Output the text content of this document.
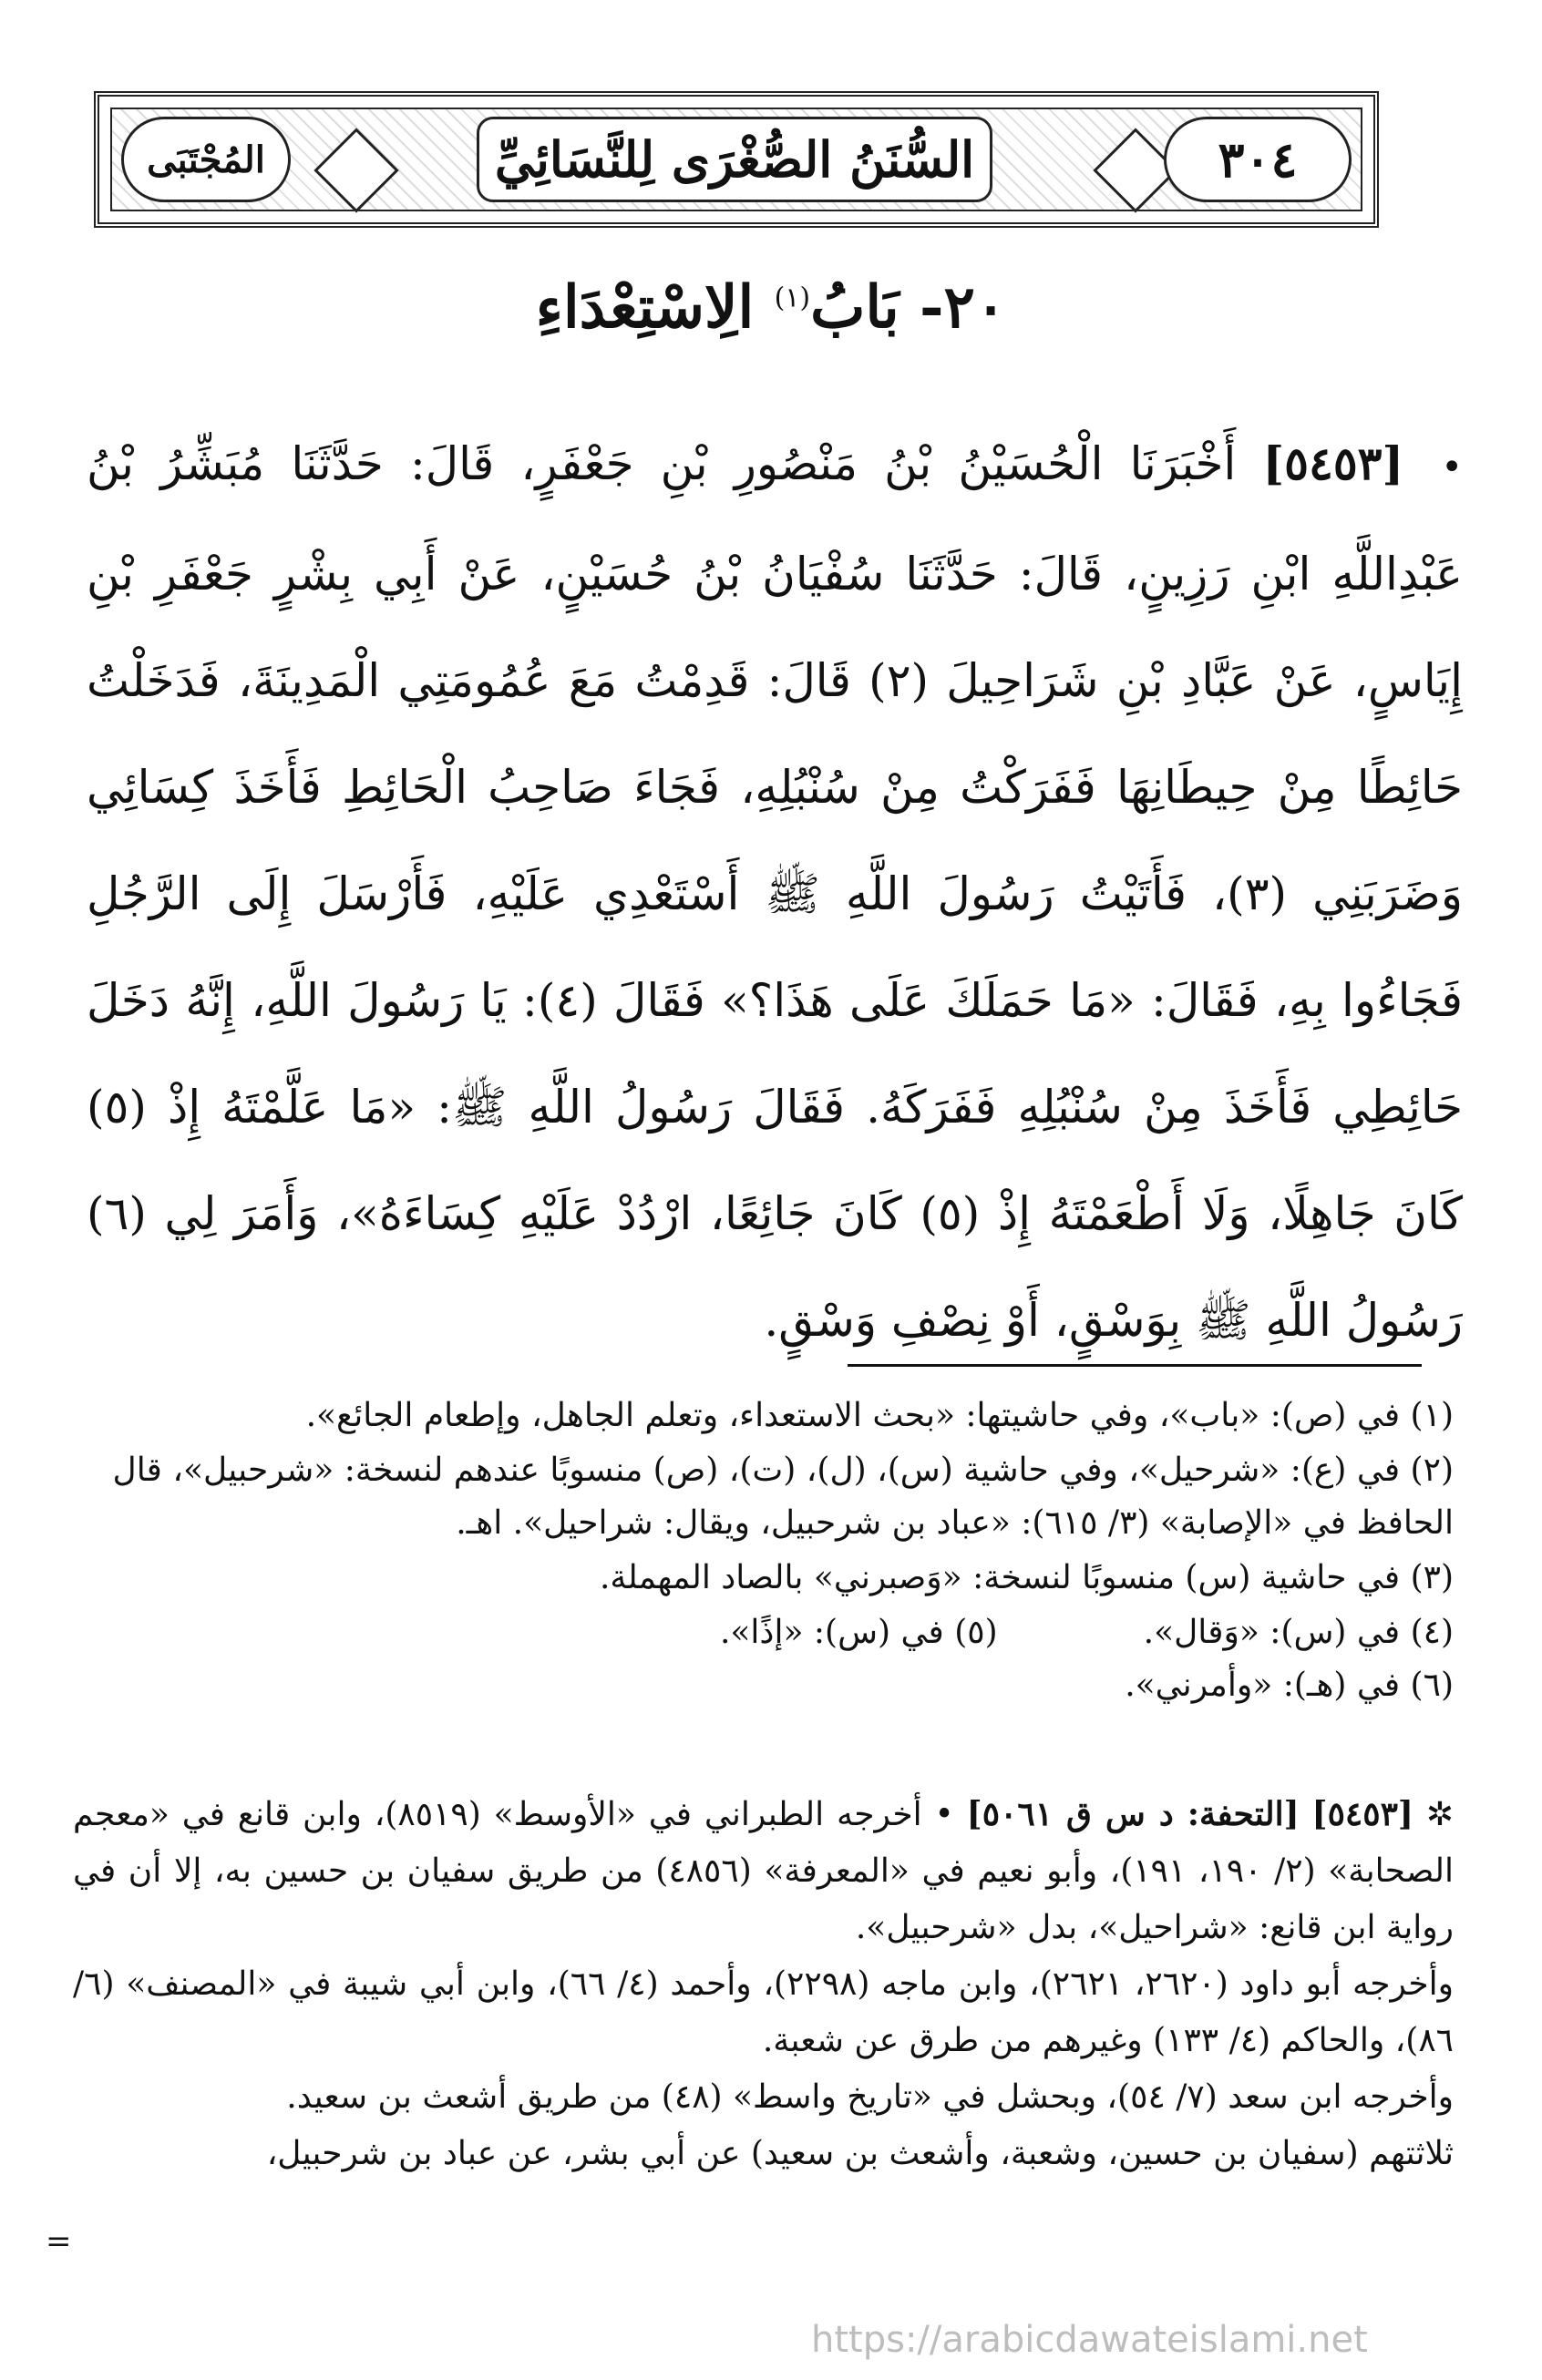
المُجْتَبَى	السُّنَنُ الصُّغْرَى لِلنَّسَائِيِّ	٣٠٤
٢٠- بَابُ$^{(١)}$ الِاسْتِعْدَاءِ
• [٥٤٥٣] أَخْبَرَنَا الْحُسَيْنُ بْنُ مَنْصُورِ بْنِ جَعْفَرٍ، قَالَ: حَدَّثَنَا مُبَشِّرُ بْنُ عَبْدِاللَّهِ ابْنِ رَزِينٍ، قَالَ: حَدَّثَنَا سُفْيَانُ بْنُ حُسَيْنٍ، عَنْ أَبِي بِشْرٍ جَعْفَرِ بْنِ إِيَاسٍ، عَنْ عَبَّادِ بْنِ شَرَاحِيلَ (٢) قَالَ: قَدِمْتُ مَعَ عُمُومَتِي الْمَدِينَةَ، فَدَخَلْتُ حَائِطًا مِنْ حِيطَانِهَا فَفَرَكْتُ مِنْ سُنْبُلِهِ، فَجَاءَ صَاحِبُ الْحَائِطِ فَأَخَذَ كِسَائِي وَضَرَبَنِي (٣)، فَأَتَيْتُ رَسُولَ اللَّهِ ﷺ أَسْتَعْدِي عَلَيْهِ، فَأَرْسَلَ إِلَى الرَّجُلِ فَجَاءُوا بِهِ، فَقَالَ: «مَا حَمَلَكَ عَلَى هَذَا؟» فَقَالَ (٤): يَا رَسُولَ اللَّهِ، إِنَّهُ دَخَلَ حَائِطِي فَأَخَذَ مِنْ سُنْبُلِهِ فَفَرَكَهُ. فَقَالَ رَسُولُ اللَّهِ ﷺ: «مَا عَلَّمْتَهُ إِذْ (٥) كَانَ جَاهِلًا، وَلَا أَطْعَمْتَهُ إِذْ (٥) كَانَ جَائِعًا، ارْدُدْ عَلَيْهِ كِسَاءَهُ»، وَأَمَرَ لِي (٦) رَسُولُ اللَّهِ ﷺ بِوَسْقٍ، أَوْ نِصْفِ وَسْقٍ.
(١) في (ص): «باب»، وفي حاشيتها: «بحث الاستعداء، وتعلم الجاهل، وإطعام الجائع».
(٢) في (ع): «شرحيل»، وفي حاشية (س)، (ل)، (ت)، (ص) منسوبًا عندهم لنسخة: «شرحبيل»، قال الحافظ في «الإصابة» (٣/ ٦١٥): «عباد بن شرحبيل، ويقال: شراحيل». اهـ.
(٣) في حاشية (س) منسوبًا لنسخة: «وَصبرني» بالصاد المهملة.
(٤) في (س): «وَقال».
(٥) في (س): «إذًا».
(٦) في (هـ): «وأمرني».
✲ [٥٤٥٣] [التحفة: د س ق ٥٠٦١] • أخرجه الطبراني في «الأوسط» (٨٥١٩)، وابن قانع في «معجم الصحابة» (٢/ ١٩٠، ١٩١)، وأبو نعيم في «المعرفة» (٤٨٥٦) من طريق سفيان بن حسين به، إلا أن في رواية ابن قانع: «شراحيل»، بدل «شرحبيل».
وأخرجه أبو داود (٢٦٢٠، ٢٦٢١)، وابن ماجه (٢٢٩٨)، وأحمد (٤/ ٦٦)، وابن أبي شيبة في «المصنف» (٦/ ٨٦)، والحاكم (٤/ ١٣٣) وغيرهم من طرق عن شعبة.
وأخرجه ابن سعد (٧/ ٥٤)، وبحشل في «تاريخ واسط» (٤٨) من طريق أشعث بن سعيد.
ثلاثتهم (سفيان بن حسين، وشعبة، وأشعث بن سعيد) عن أبي بشر، عن عباد بن شرحبيل،
=
https://arabicdawateislami.net
